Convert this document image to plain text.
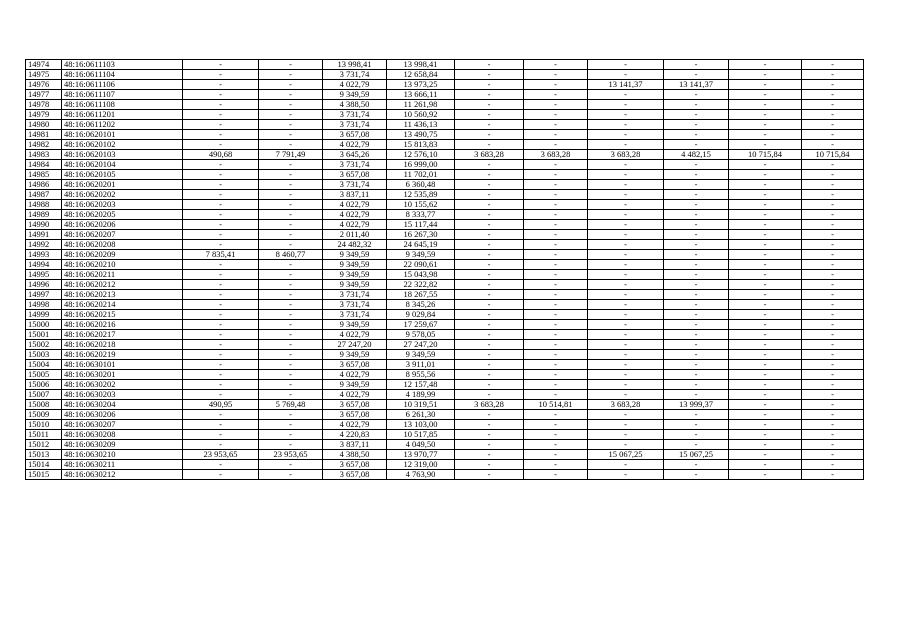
14974	48:16:0611103	-	-	13 998,41	13 998,41	-	-	-	-	-	-
14975	48:16:0611104	-	-	3 731,74	12 658,84	-	-	-	-	-	-
14976	48:16:0611106	-	-	4 022,79	13 973,25	-	-	13 141,37	13 141,37	-	-
14977	48:16:0611107	-	-	9 349,59	13 666,11	-	-	-	-	-	-
14978	48:16:0611108	-	-	4 388,50	11 261,98	-	-	-	-	-	-
14979	48:16:0611201	-	-	3 731,74	10 560,92	-	-	-	-	-	-
14980	48:16:0611202	-	-	3 731,74	11 436,13	-	-	-	-	-	-
14981	48:16:0620101	-	-	3 657,08	13 490,75	-	-	-	-	-	-
14982	48:16:0620102	-	-	4 022,79	15 813,83	-	-	-	-	-	-
14983	48:16:0620103	490,68	7 791,49	3 645,26	12 576,10	3 683,28	3 683,28	3 683,28	4 482,15	10 715,84	10 715,84
14984	48:16:0620104	-	-	3 731,74	16 999,00	-	-	-	-	-	-
14985	48:16:0620105	-	-	3 657,08	11 702,01	-	-	-	-	-	-
14986	48:16:0620201	-	-	3 731,74	6 360,48	-	-	-	-	-	-
14987	48:16:0620202	-	-	3 837,11	12 535,89	-	-	-	-	-	-
14988	48:16:0620203	-	-	4 022,79	10 155,62	-	-	-	-	-	-
14989	48:16:0620205	-	-	4 022,79	8 333,77	-	-	-	-	-	-
14990	48:16:0620206	-	-	4 022,79	15 117,44	-	-	-	-	-	-
14991	48:16:0620207	-	-	2 011,40	16 267,30	-	-	-	-	-	-
14992	48:16:0620208	-	-	24 482,32	24 645,19	-	-	-	-	-	-
14993	48:16:0620209	7 835,41	8 460,77	9 349,59	9 349,59	-	-	-	-	-	-
14994	48:16:0620210	-	-	9 349,59	22 090,61	-	-	-	-	-	-
14995	48:16:0620211	-	-	9 349,59	15 043,98	-	-	-	-	-	-
14996	48:16:0620212	-	-	9 349,59	22 322,82	-	-	-	-	-	-
14997	48:16:0620213	-	-	3 731,74	18 267,55	-	-	-	-	-	-
14998	48:16:0620214	-	-	3 731,74	8 345,26	-	-	-	-	-	-
14999	48:16:0620215	-	-	3 731,74	9 029,84	-	-	-	-	-	-
15000	48:16:0620216	-	-	9 349,59	17 259,67	-	-	-	-	-	-
15001	48:16:0620217	-	-	4 022,79	9 578,05	-	-	-	-	-	-
15002	48:16:0620218	-	-	27 247,20	27 247,20	-	-	-	-	-	-
15003	48:16:0620219	-	-	9 349,59	9 349,59	-	-	-	-	-	-
15004	48:16:0630101	-	-	3 657,08	3 911,01	-	-	-	-	-	-
15005	48:16:0630201	-	-	4 022,79	8 955,56	-	-	-	-	-	-
15006	48:16:0630202	-	-	9 349,59	12 157,48	-	-	-	-	-	-
15007	48:16:0630203	-	-	4 022,79	4 189,99	-	-	-	-	-	-
15008	48:16:0630204	490,95	5 769,48	3 657,08	10 319,51	3 683,28	10 514,81	3 683,28	13 999,37	-	-
15009	48:16:0630206	-	-	3 657,08	6 261,30	-	-	-	-	-	-
15010	48:16:0630207	-	-	4 022,79	13 103,00	-	-	-	-	-	-
15011	48:16:0630208	-	-	4 220,83	10 517,85	-	-	-	-	-	-
15012	48:16:0630209	-	-	3 837,11	4 049,50	-	-	-	-	-	-
15013	48:16:0630210	23 953,65	23 953,65	4 388,50	13 970,77	-	-	15 067,25	15 067,25	-	-
15014	48:16:0630211	-	-	3 657,08	12 319,00	-	-	-	-	-	-
15015	48:16:0630212	-	-	3 657,08	4 763,90	-	-	-	-	-	-
